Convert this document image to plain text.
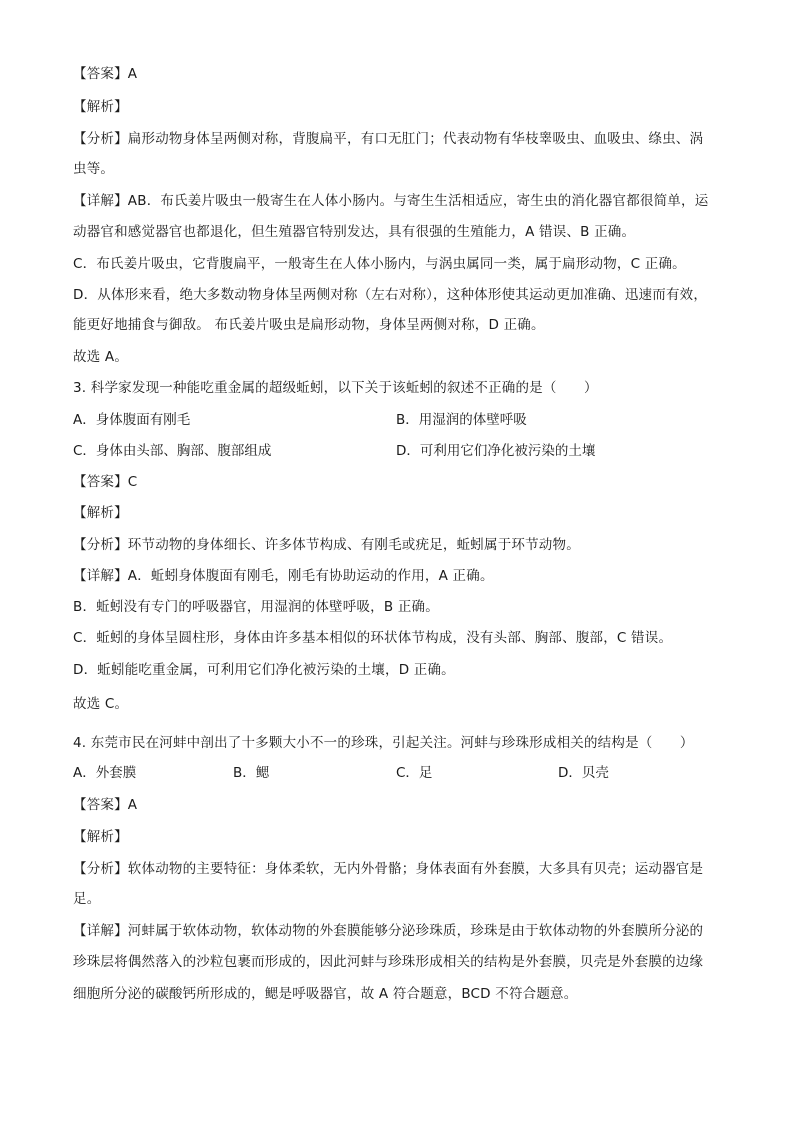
【答案】A
【解析】
【分析】扁形动物身体呈两侧对称，背腹扁平，有口无肛门；代表动物有华枝睾吸虫、血吸虫、绦虫、涡
虫等。
【详解】AB．布氏姜片吸虫一般寄生在人体小肠内。与寄生生活相适应，寄生虫的消化器官都很简单，运
动器官和感觉器官也都退化，但生殖器官特别发达，具有很强的生殖能力，A 错误、B 正确。
C．布氏姜片吸虫，它背腹扁平，一般寄生在人体小肠内，与涡虫属同一类，属于扁形动物，C 正确。
D．从体形来看，绝大多数动物身体呈两侧对称（左右对称），这种体形使其运动更加准确、迅速而有效，
能更好地捕食与御敌。 布氏姜片吸虫是扁形动物，身体呈两侧对称，D 正确。
故选 A。
3. 科学家发现一种能吃重金属的超级蚯蚓，以下关于该蚯蚓的叙述不正确的是（　　）
A．身体腹面有刚毛	B．用湿润的体壁呼吸
C．身体由头部、胸部、腹部组成	D．可利用它们净化被污染的土壤
【答案】C
【解析】
【分析】环节动物的身体细长、许多体节构成、有刚毛或疣足，蚯蚓属于环节动物。
【详解】A．蚯蚓身体腹面有刚毛，刚毛有协助运动的作用，A 正确。
B．蚯蚓没有专门的呼吸器官，用湿润的体壁呼吸，B 正确。
C．蚯蚓的身体呈圆柱形，身体由许多基本相似的环状体节构成，没有头部、胸部、腹部，C 错误。
D．蚯蚓能吃重金属，可利用它们净化被污染的土壤，D 正确。
故选 C。
4. 东莞市民在河蚌中剖出了十多颗大小不一的珍珠，引起关注。河蚌与珍珠形成相关的结构是（　　）
A．外套膜	B．鳃	C．足	D．贝壳
【答案】A
【解析】
【分析】软体动物的主要特征：身体柔软，无内外骨骼；身体表面有外套膜，大多具有贝壳；运动器官是
足。
【详解】河蚌属于软体动物，软体动物的外套膜能够分泌珍珠质，珍珠是由于软体动物的外套膜所分泌的
珍珠层将偶然落入的沙粒包裹而形成的，因此河蚌与珍珠形成相关的结构是外套膜，贝壳是外套膜的边缘
细胞所分泌的碳酸钙所形成的，鳃是呼吸器官，故 A 符合题意，BCD 不符合题意。
